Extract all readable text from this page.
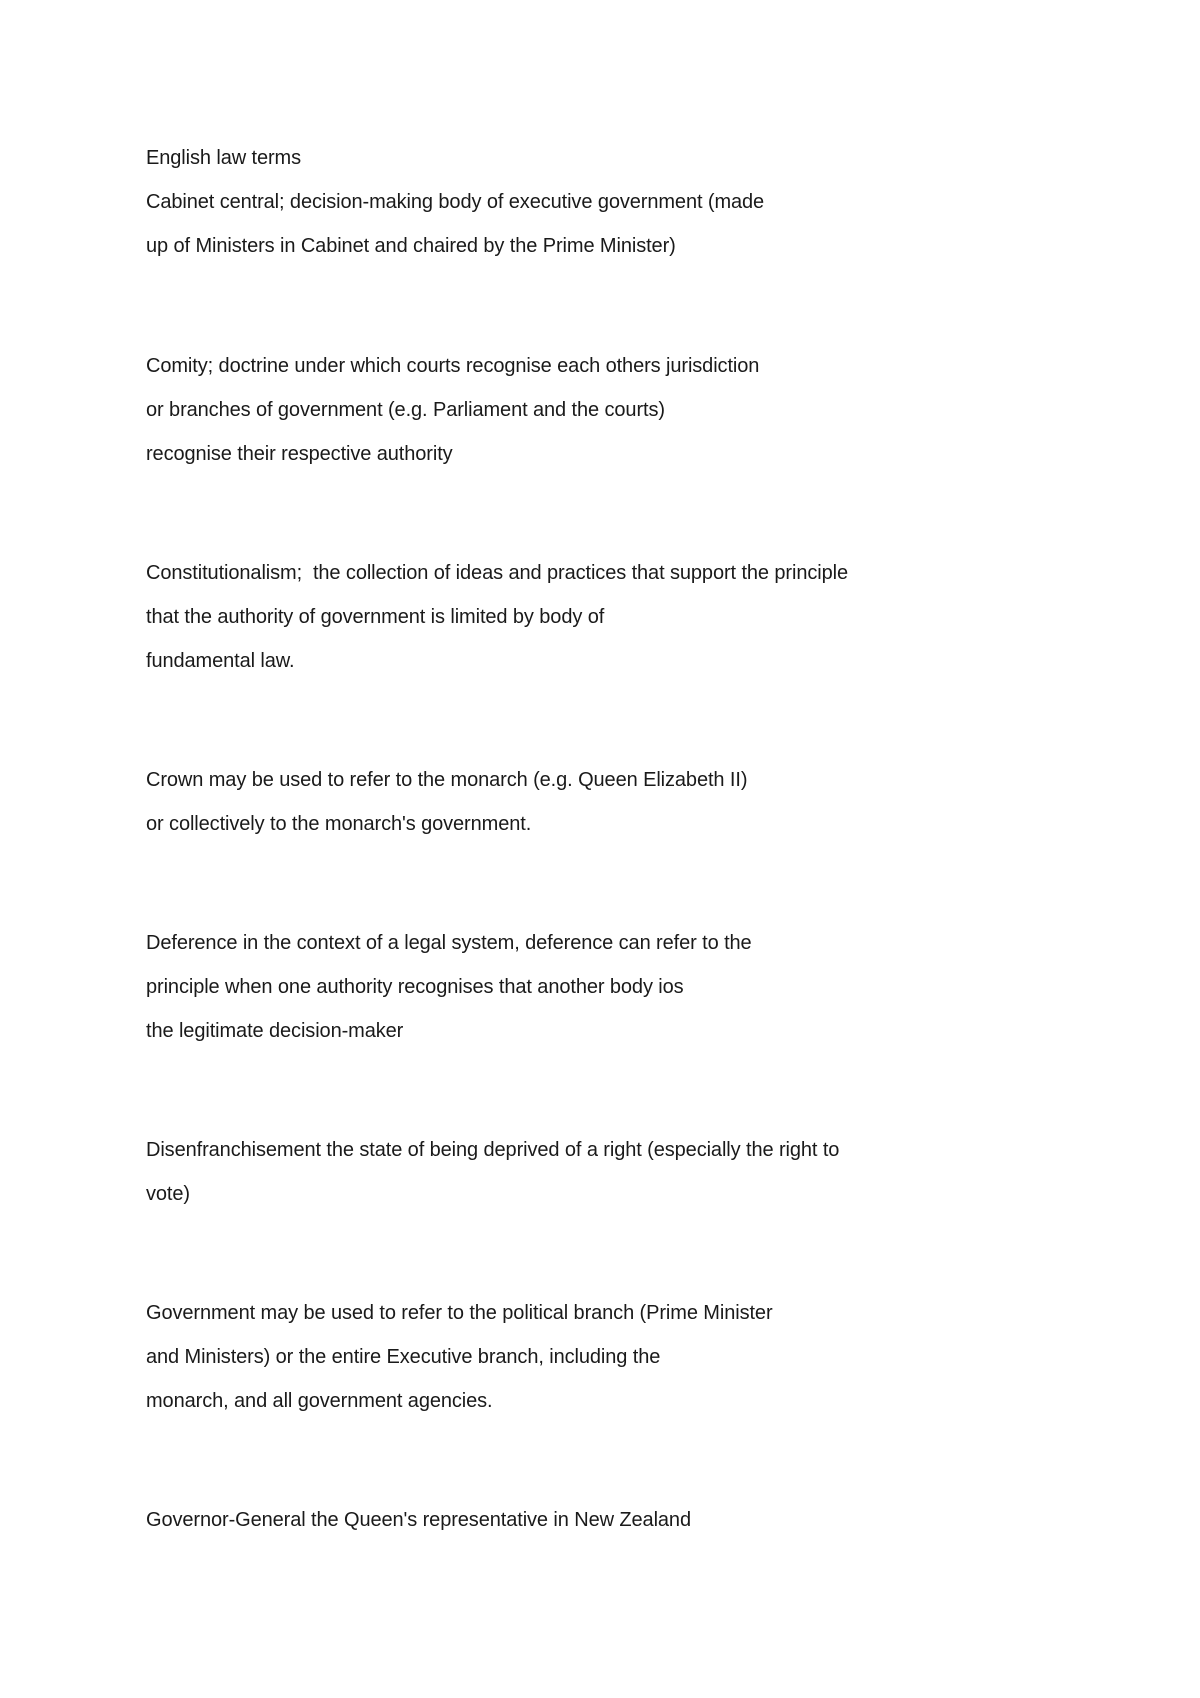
English law terms

Cabinet central; decision-making body of executive government (made

up of Ministers in Cabinet and chaired by the Prime Minister)

Comity; doctrine under which courts recognise each others jurisdiction

or branches of government (e.g. Parliament and the courts)

recognise their respective authority

Constitutionalism;  the collection of ideas and practices that support the principle

that the authority of government is limited by body of

fundamental law.

Crown may be used to refer to the monarch (e.g. Queen Elizabeth II)

or collectively to the monarch's government.

Deference in the context of a legal system, deference can refer to the

principle when one authority recognises that another body ios

the legitimate decision-maker

Disenfranchisement the state of being deprived of a right (especially the right to

vote)

Government may be used to refer to the political branch (Prime Minister

and Ministers) or the entire Executive branch, including the

monarch, and all government agencies.

Governor-General the Queen's representative in New Zealand
